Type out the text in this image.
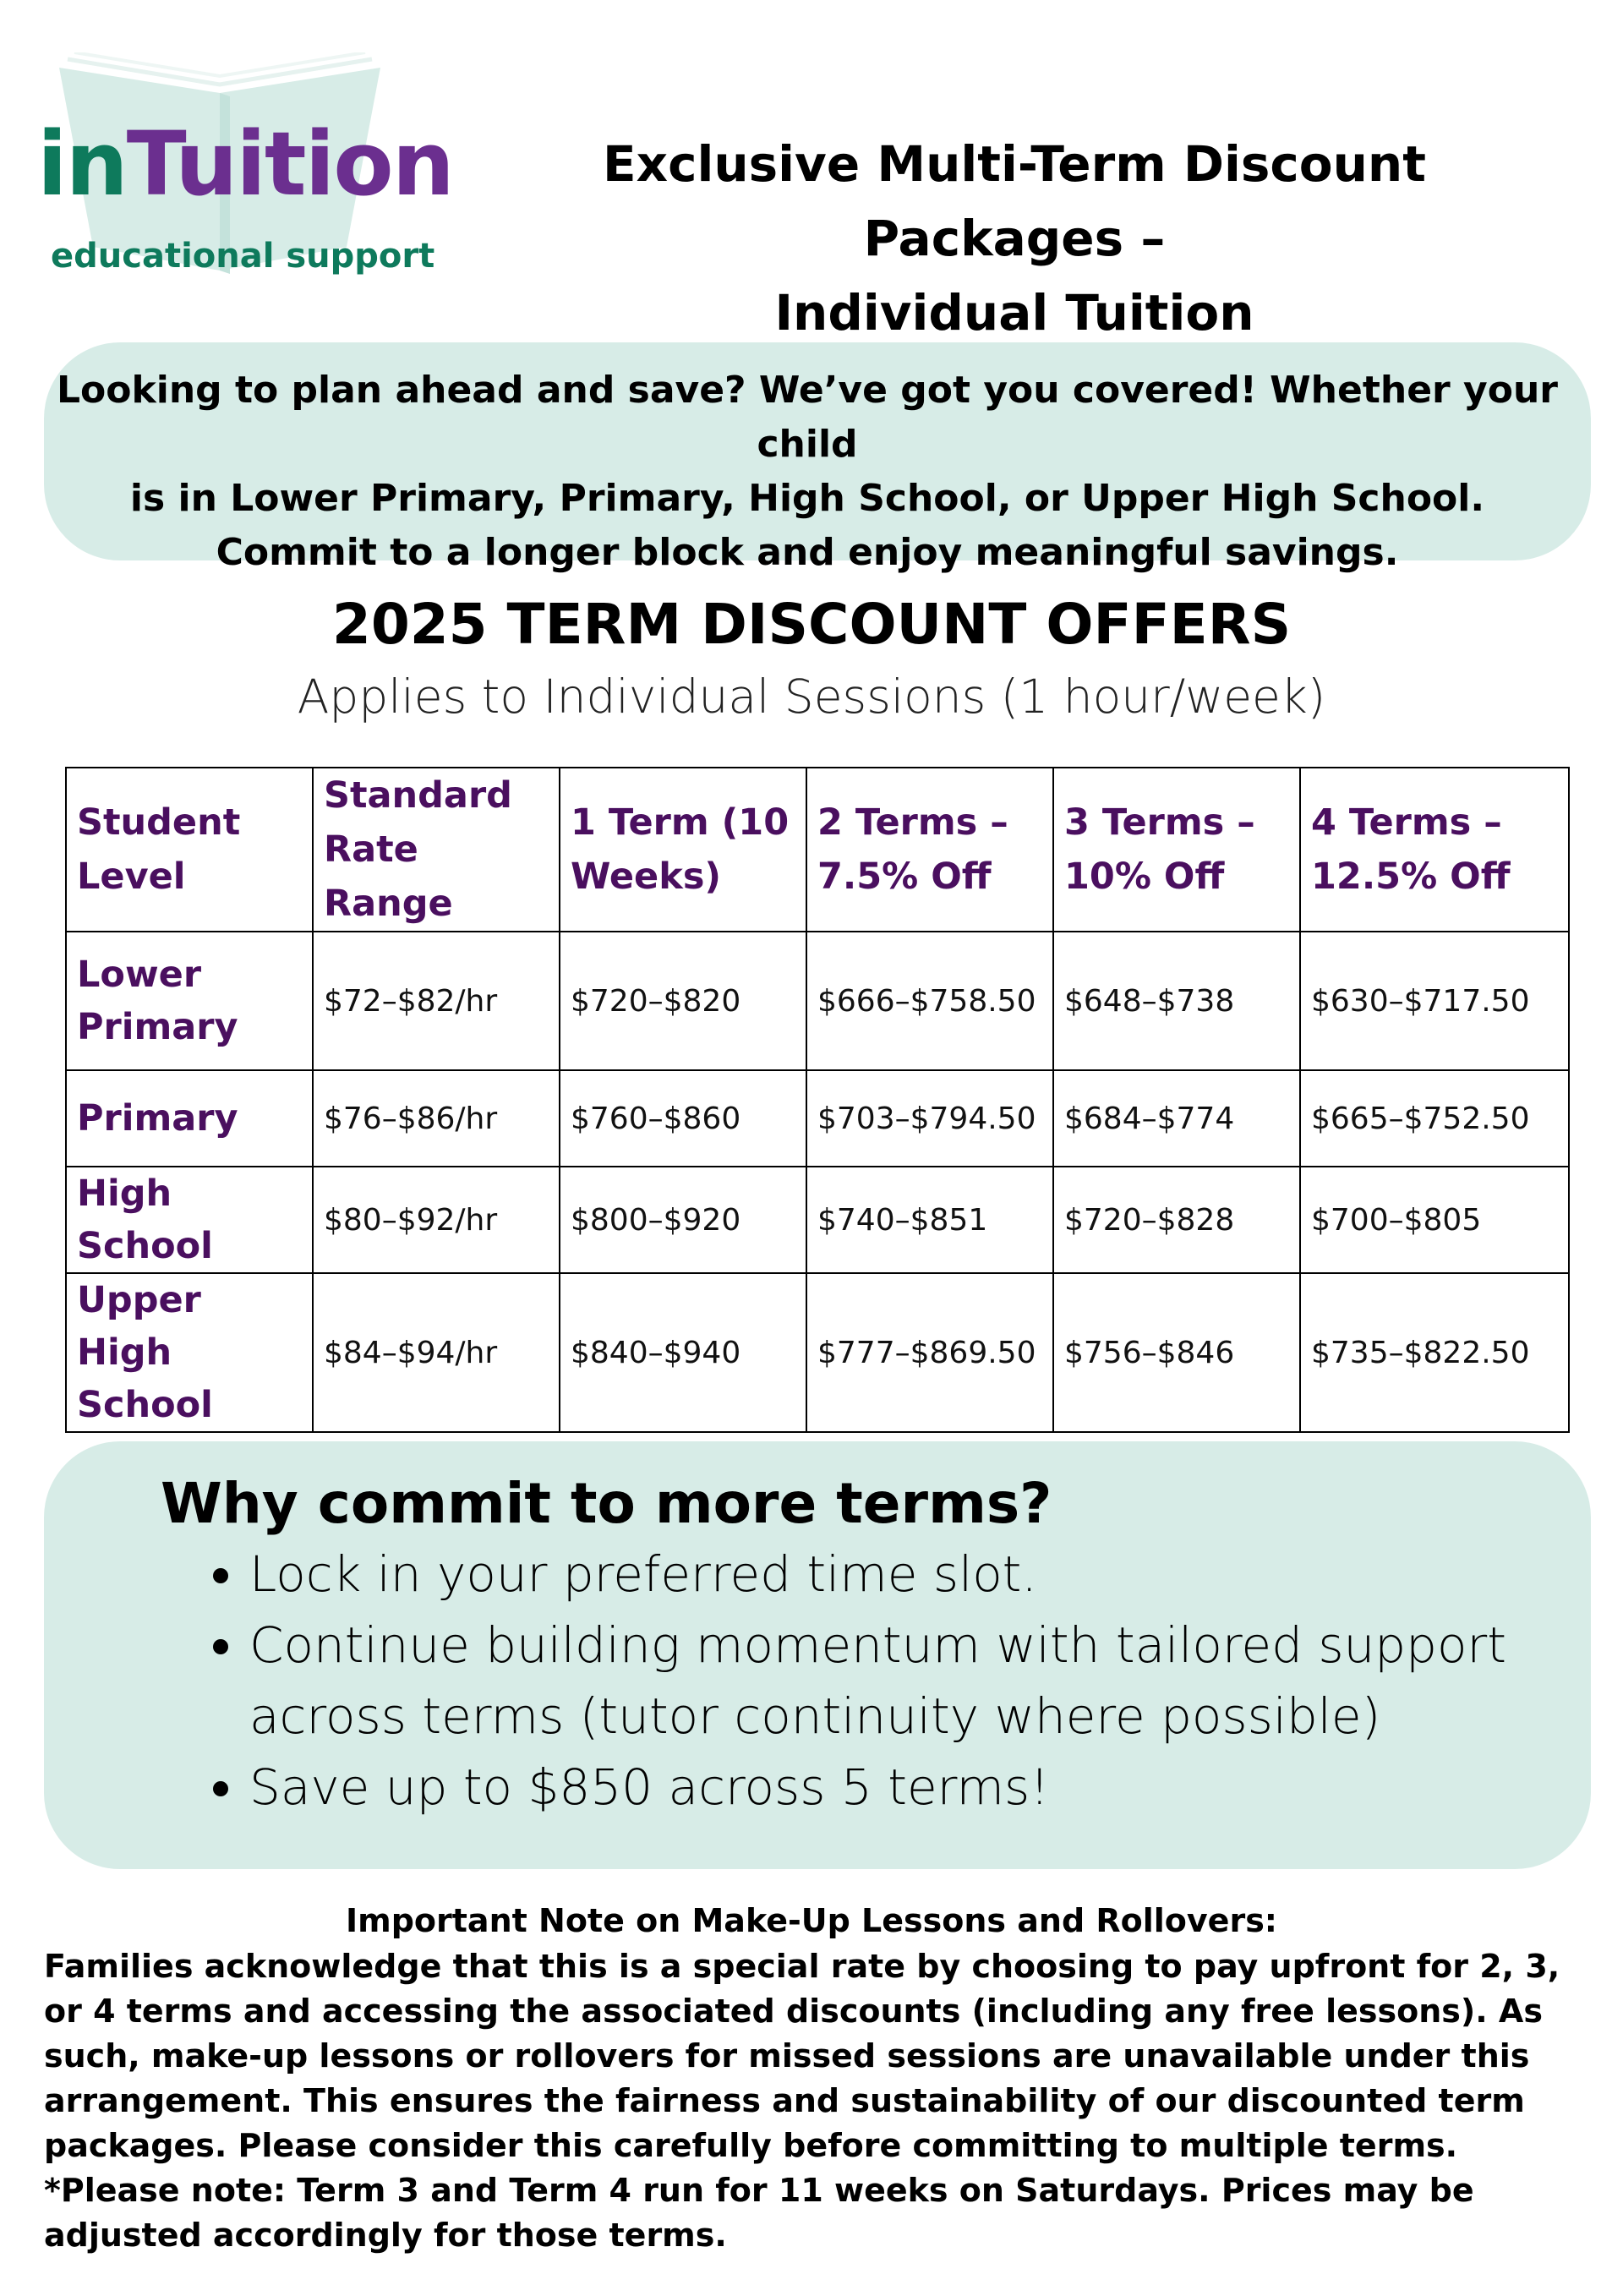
inTuition
educational support
Exclusive Multi-Term Discount Packages –
Individual Tuition
Looking to plan ahead and save? We’ve got you covered! Whether your child
is in Lower Primary, Primary, High School, or Upper High School.
Commit to a longer block and enjoy meaningful savings.
2025 TERM DISCOUNT OFFERS
Applies to Individual Sessions (1 hour/week)
Student Level	Standard Rate Range	1 Term (10 Weeks)	2 Terms – 7.5% Off	3 Terms – 10% Off	4 Terms – 12.5% Off
Lower Primary	$72–$82/hr	$720–$820	$666–$758.50	$648–$738	$630–$717.50
Primary	$76–$86/hr	$760–$860	$703–$794.50	$684–$774	$665–$752.50
High School	$80–$92/hr	$800–$920	$740–$851	$720–$828	$700–$805
Upper High School	$84–$94/hr	$840–$940	$777–$869.50	$756–$846	$735–$822.50
Why commit to more terms?
• Lock in your preferred time slot.
• Continue building momentum with tailored support across terms (tutor continuity where possible)
• Save up to $850 across 5 terms!
Important Note on Make-Up Lessons and Rollovers:

Families acknowledge that this is a special rate by choosing to pay upfront for 2, 3, or 4 terms and accessing the associated discounts (including any free lessons). As such, make-up lessons or rollovers for missed sessions are unavailable under this arrangement. This ensures the fairness and sustainability of our discounted term packages. Please consider this carefully before committing to multiple terms.

*Please note: Term 3 and Term 4 run for 11 weeks on Saturdays. Prices may be adjusted accordingly for those terms.
